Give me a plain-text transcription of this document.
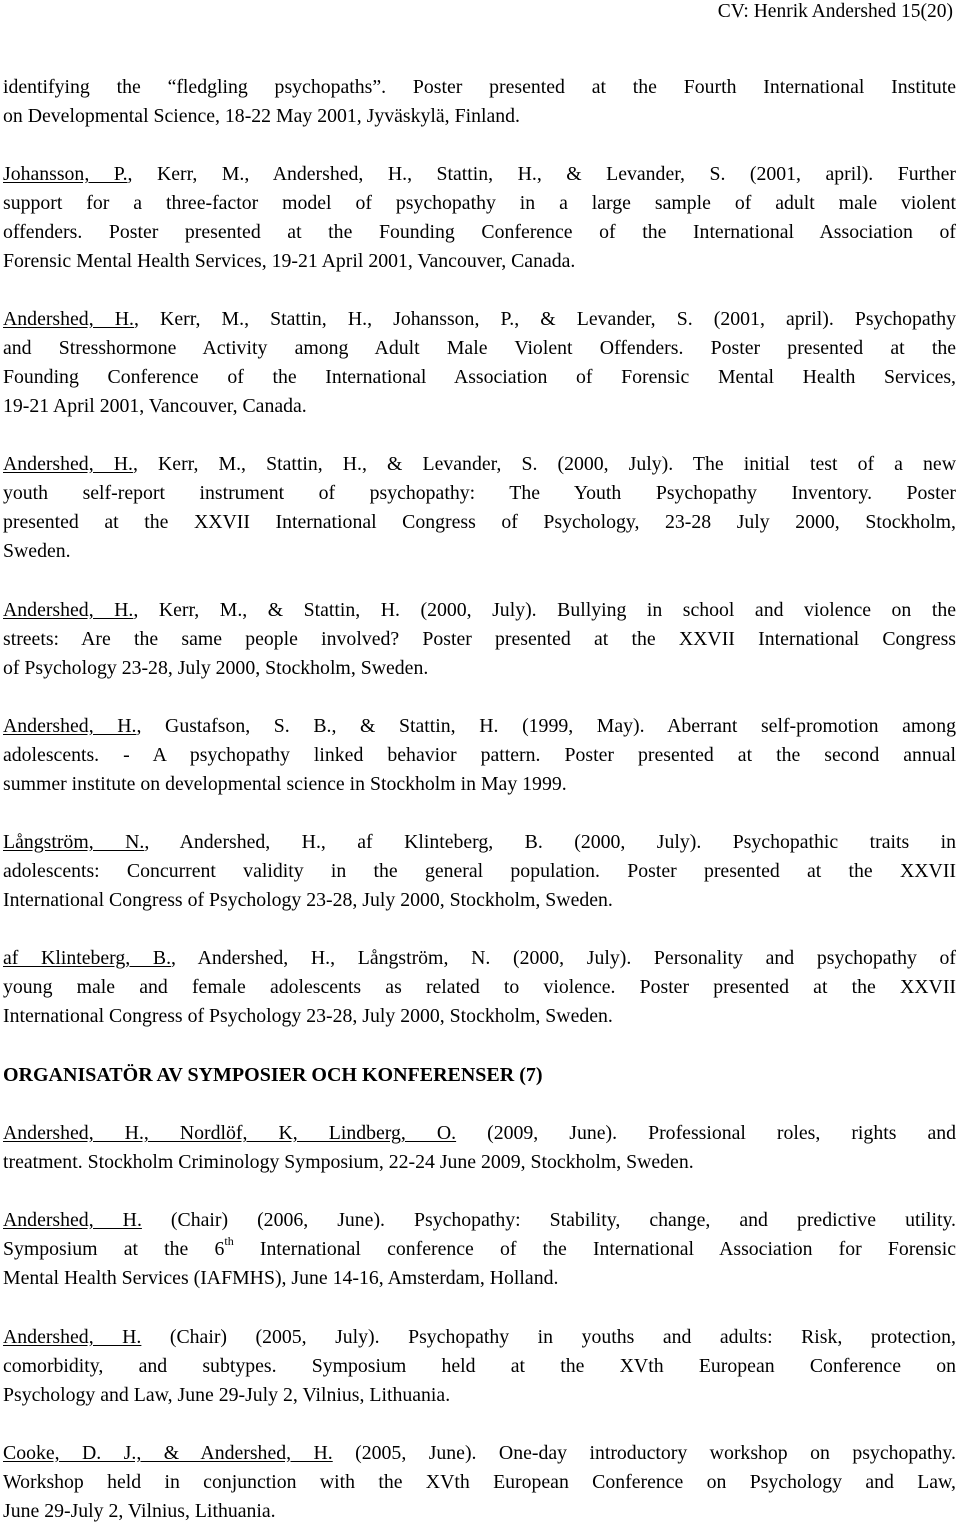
CV: Henrik Andershed 15(20)
identifying the “fledgling psychopaths”. Poster presented at the Fourth International Institute
on Developmental Science, 18-22 May 2001, Jyväskylä, Finland.
Johansson, P., Kerr, M., Andershed, H., Stattin, H., & Levander, S. (2001, april). Further
support for a three-factor model of psychopathy in a large sample of adult male violent
offenders. Poster presented at the Founding Conference of the International Association of
Forensic Mental Health Services, 19-21 April 2001, Vancouver, Canada.
Andershed, H., Kerr, M., Stattin, H., Johansson, P., & Levander, S. (2001, april). Psychopathy
and Stresshormone Activity among Adult Male Violent Offenders. Poster presented at the
Founding Conference of the International Association of Forensic Mental Health Services,
19-21 April 2001, Vancouver, Canada.
Andershed, H., Kerr, M., Stattin, H., & Levander, S. (2000, July). The initial test of a new
youth self-report instrument of psychopathy: The Youth Psychopathy Inventory. Poster
presented at the XXVII International Congress of Psychology, 23-28 July 2000, Stockholm,
Sweden.
Andershed, H., Kerr, M., & Stattin, H. (2000, July). Bullying in school and violence on the
streets: Are the same people involved? Poster presented at the XXVII International Congress
of Psychology 23-28, July 2000, Stockholm, Sweden.
Andershed, H., Gustafson, S. B., & Stattin, H. (1999, May). Aberrant self-promotion among
adolescents. - A psychopathy linked behavior pattern. Poster presented at the second annual
summer institute on developmental science in Stockholm in May 1999.
Långström, N., Andershed, H., af Klinteberg, B. (2000, July). Psychopathic traits in
adolescents: Concurrent validity in the general population. Poster presented at the XXVII
International Congress of Psychology 23-28, July 2000, Stockholm, Sweden.
af Klinteberg, B., Andershed, H., Långström, N. (2000, July). Personality and psychopathy of
young male and female adolescents as related to violence. Poster presented at the XXVII
International Congress of Psychology 23-28, July 2000, Stockholm, Sweden.
ORGANISATÖR AV SYMPOSIER OCH KONFERENSER (7)
Andershed, H., Nordlöf, K, Lindberg, O. (2009, June). Professional roles, rights and
treatment. Stockholm Criminology Symposium, 22-24 June 2009, Stockholm, Sweden.
Andershed, H. (Chair) (2006, June). Psychopathy: Stability, change, and predictive utility.
Symposium at the 6th International conference of the International Association for Forensic
Mental Health Services (IAFMHS), June 14-16, Amsterdam, Holland.
Andershed, H. (Chair) (2005, July). Psychopathy in youths and adults: Risk, protection,
comorbidity, and subtypes. Symposium held at the XVth European Conference on
Psychology and Law, June 29-July 2, Vilnius, Lithuania.
Cooke, D. J., & Andershed, H. (2005, June). One-day introductory workshop on psychopathy.
Workshop held in conjunction with the XVth European Conference on Psychology and Law,
June 29-July 2, Vilnius, Lithuania.
